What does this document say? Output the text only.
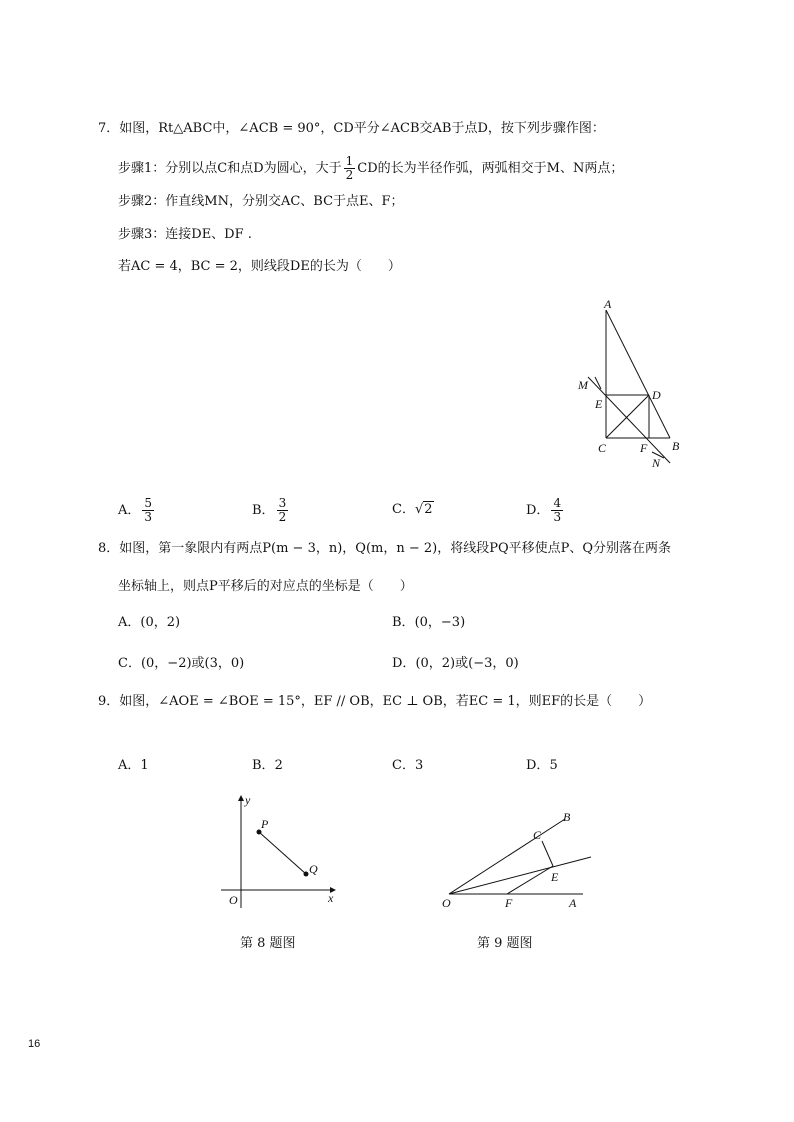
7．如图，Rt△ABC中，∠ACB = 90°，CD平分∠ACB交AB于点D，按下列步骤作图：
步骤1：分别以点C和点D为圆心，大于 $\frac{1}{2}$ CD的长为半径作弧，两弧相交于M、N两点；
步骤2：作直线MN，分别交AC、BC于点E、F；
步骤3：连接DE、DF .
若AC = 4，BC = 2，则线段DE的长为（　　）
A
M
E
D
C	F B
N
A． $\frac{5}{3}$	B． $\frac{3}{2}$	C．√2	D． $\frac{4}{3}$
8．如图，第一象限内有两点P(m − 3，n)，Q(m，n − 2)，将线段PQ平移使点P、Q分别落在两条
坐标轴上，则点P平移后的对应点的坐标是（　　）
A．(0，2)	B．(0，−3)
C．(0，−2)或(3，0)	D．(0，2)或(−3，0)
9．如图，∠AOE = ∠BOE = 15°，EF // OB，EC ⊥ OB，若EC = 1，则EF的长是（　　）
A．1	B．2	C．3	D．5
y
x
O
P
Q
第 8 题图
B
C
E
O	F	A
第 9 题图
16
